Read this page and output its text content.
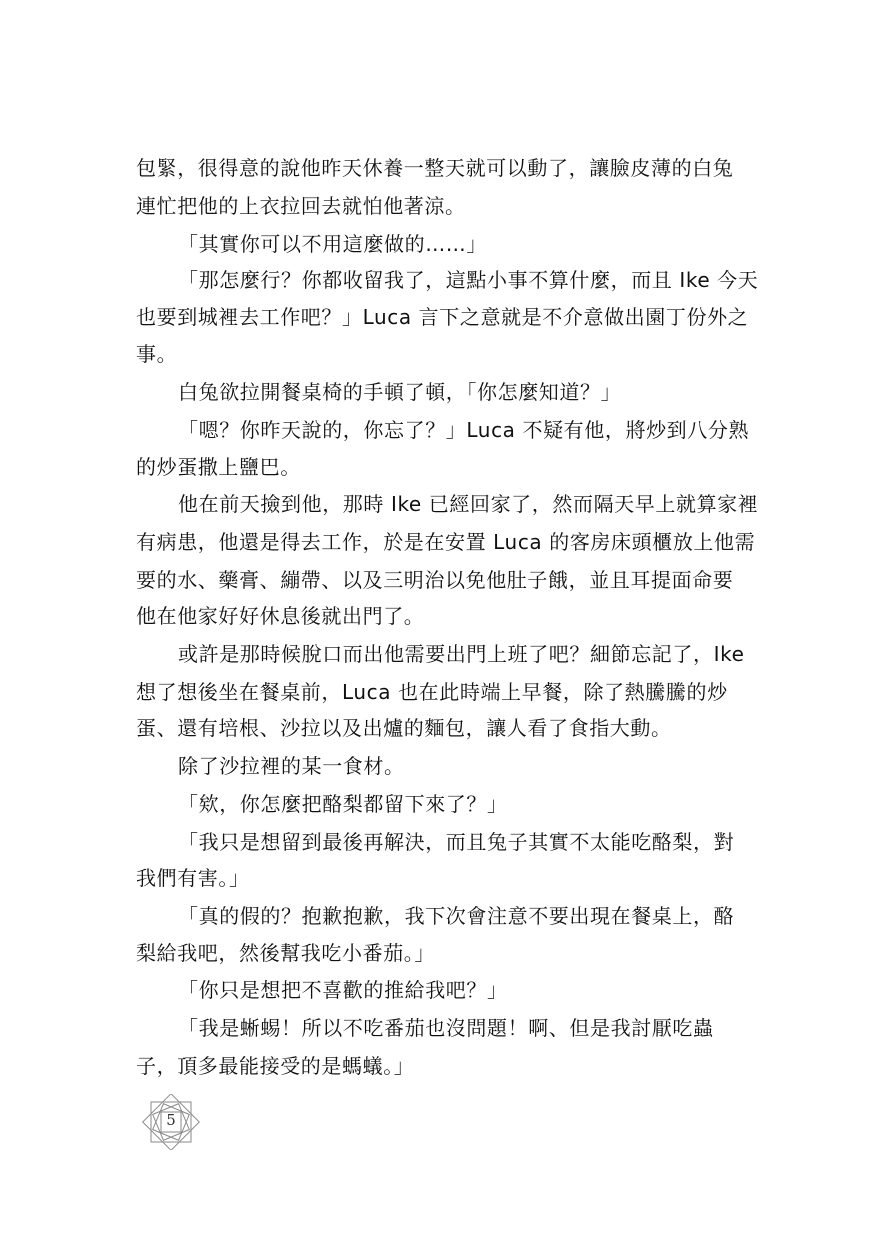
包緊，很得意的說他昨天休養一整天就可以動了，讓臉皮薄的白兔
連忙把他的上衣拉回去就怕他著涼。
「其實你可以不用這麼做的……」
「那怎麼行？你都收留我了，這點小事不算什麼，而且 Ike 今天
也要到城裡去工作吧？」Luca 言下之意就是不介意做出園丁份外之
事。
白兔欲拉開餐桌椅的手頓了頓，「你怎麼知道？」
「嗯？你昨天說的，你忘了？」Luca 不疑有他，將炒到八分熟
的炒蛋撒上鹽巴。
他在前天撿到他，那時 Ike 已經回家了，然而隔天早上就算家裡
有病患，他還是得去工作，於是在安置 Luca 的客房床頭櫃放上他需
要的水、藥膏、繃帶、以及三明治以免他肚子餓，並且耳提面命要
他在他家好好休息後就出門了。
或許是那時候脫口而出他需要出門上班了吧？細節忘記了，Ike
想了想後坐在餐桌前，Luca 也在此時端上早餐，除了熱騰騰的炒
蛋、還有培根、沙拉以及出爐的麵包，讓人看了食指大動。
除了沙拉裡的某一食材。
「欸，你怎麼把酪梨都留下來了？」
「我只是想留到最後再解決，而且兔子其實不太能吃酪梨，對
我們有害。」
「真的假的？抱歉抱歉，我下次會注意不要出現在餐桌上，酪
梨給我吧，然後幫我吃小番茄。」
「你只是想把不喜歡的推給我吧？」
「我是蜥蜴！所以不吃番茄也沒問題！啊、但是我討厭吃蟲
子，頂多最能接受的是螞蟻。」
5
